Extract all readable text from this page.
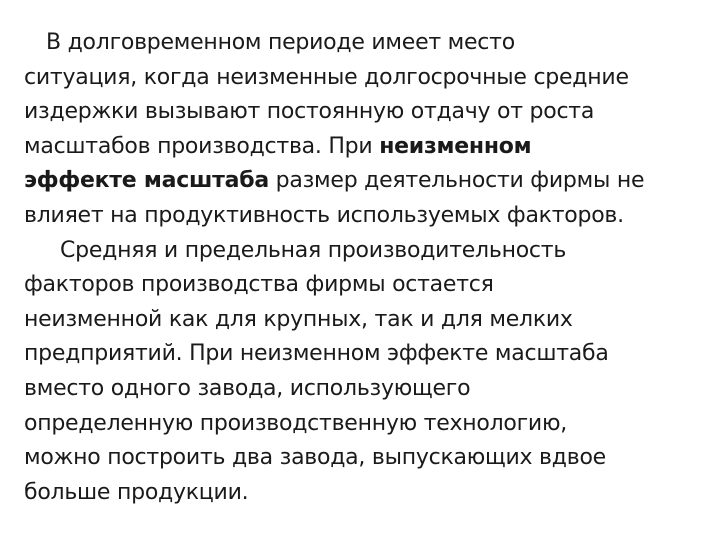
В долговременном периоде имеет место
ситуация, когда неизменные долгосрочные средние
издержки вызывают постоянную отдачу от роста
масштабов производства. При неизменном
эффекте масштаба размер деятельности фирмы не
влияет на продуктивность используемых факторов.
Средняя и предельная производительность
факторов производства фирмы остается
неизменной как для крупных, так и для мелких
предприятий. При неизменном эффекте масштаба
вместо одного завода, использующего
определенную производственную технологию,
можно построить два завода, выпускающих вдвое
больше продукции.
